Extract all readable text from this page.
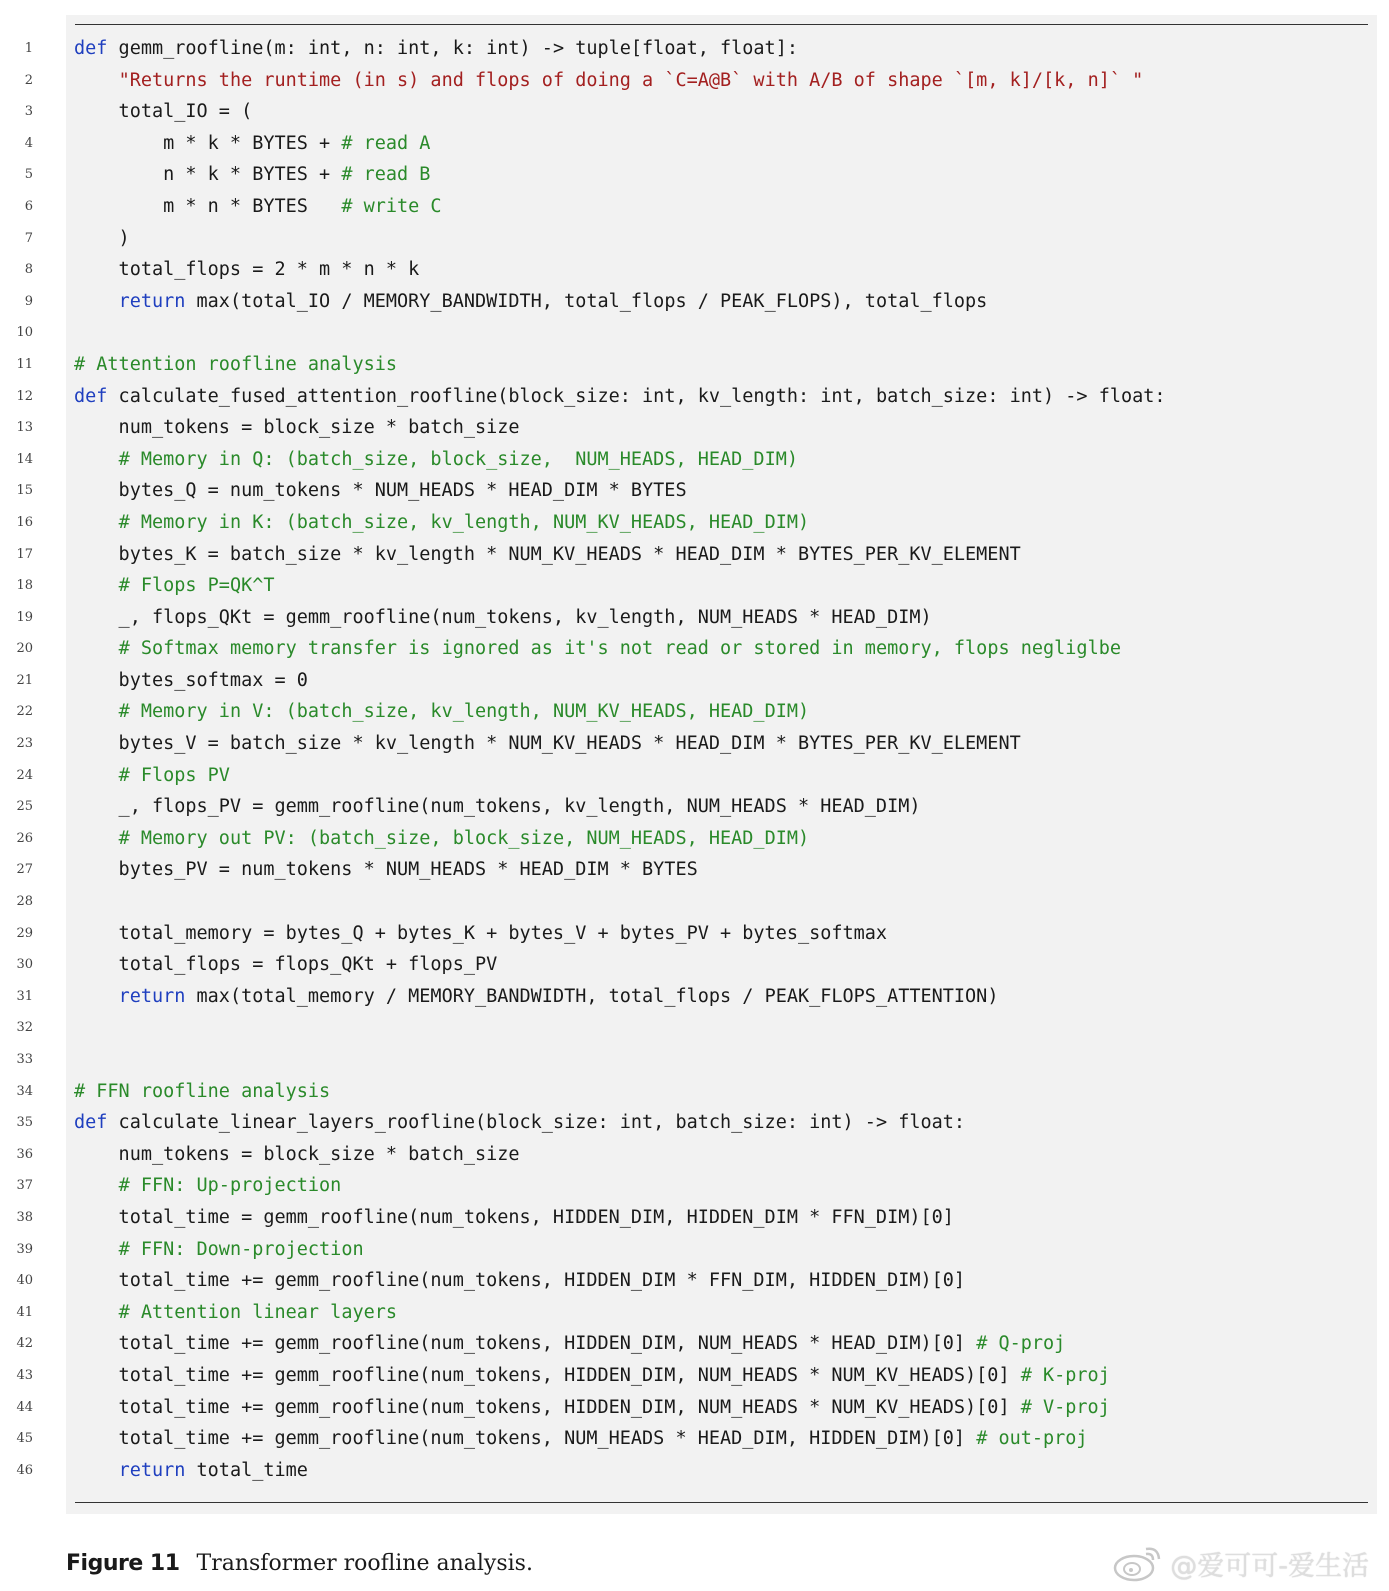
1 def gemm_roofline(m: int, n: int, k: int) -> tuple[float, float]:
2	"Returns the runtime (in s) and flops of doing a `C=A@B` with A/B of shape `[m, k]/[k, n]` "
3 total_IO = (
4 m * k * BYTES + # read A
5 n * k * BYTES + # read B
6 m * n * BYTES   # write C
7 )
8 total_flops = 2 * m * n * k
9	return max(total_IO / MEMORY_BANDWIDTH, total_flops / PEAK_FLOPS), total_flops
10
11 # Attention roofline analysis
12 def calculate_fused_attention_roofline(block_size: int, kv_length: int, batch_size: int) -> float:
13 num_tokens = block_size * batch_size
14	# Memory in Q: (batch_size, block_size,  NUM_HEADS, HEAD_DIM)
15 bytes_Q = num_tokens * NUM_HEADS * HEAD_DIM * BYTES
16	# Memory in K: (batch_size, kv_length, NUM_KV_HEADS, HEAD_DIM)
17 bytes_K = batch_size * kv_length * NUM_KV_HEADS * HEAD_DIM * BYTES_PER_KV_ELEMENT
18	# Flops P=QK^T
19 _, flops_QKt = gemm_roofline(num_tokens, kv_length, NUM_HEADS * HEAD_DIM)
20	# Softmax memory transfer is ignored as it's not read or stored in memory, flops negliglbe
21 bytes_softmax = 0
22	# Memory in V: (batch_size, kv_length, NUM_KV_HEADS, HEAD_DIM)
23 bytes_V = batch_size * kv_length * NUM_KV_HEADS * HEAD_DIM * BYTES_PER_KV_ELEMENT
24	# Flops PV
25 _, flops_PV = gemm_roofline(num_tokens, kv_length, NUM_HEADS * HEAD_DIM)
26	# Memory out PV: (batch_size, block_size, NUM_HEADS, HEAD_DIM)
27 bytes_PV = num_tokens * NUM_HEADS * HEAD_DIM * BYTES
28
29 total_memory = bytes_Q + bytes_K + bytes_V + bytes_PV + bytes_softmax
30 total_flops = flops_QKt + flops_PV
31	return max(total_memory / MEMORY_BANDWIDTH, total_flops / PEAK_FLOPS_ATTENTION)
32
33
34 # FFN roofline analysis
35 def calculate_linear_layers_roofline(block_size: int, batch_size: int) -> float:
36 num_tokens = block_size * batch_size
37	# FFN: Up-projection
38 total_time = gemm_roofline(num_tokens, HIDDEN_DIM, HIDDEN_DIM * FFN_DIM)[0]
39	# FFN: Down-projection
40 total_time += gemm_roofline(num_tokens, HIDDEN_DIM * FFN_DIM, HIDDEN_DIM)[0]
41	# Attention linear layers
42 total_time += gemm_roofline(num_tokens, HIDDEN_DIM, NUM_HEADS * HEAD_DIM)[0] # Q-proj
43 total_time += gemm_roofline(num_tokens, HIDDEN_DIM, NUM_HEADS * NUM_KV_HEADS)[0] # K-proj
44 total_time += gemm_roofline(num_tokens, HIDDEN_DIM, NUM_HEADS * NUM_KV_HEADS)[0] # V-proj
45 total_time += gemm_roofline(num_tokens, NUM_HEADS * HEAD_DIM, HIDDEN_DIM)[0] # out-proj
46	return total_time
Figure 11 Transformer roofline analysis.	@爱可可-爱生活
